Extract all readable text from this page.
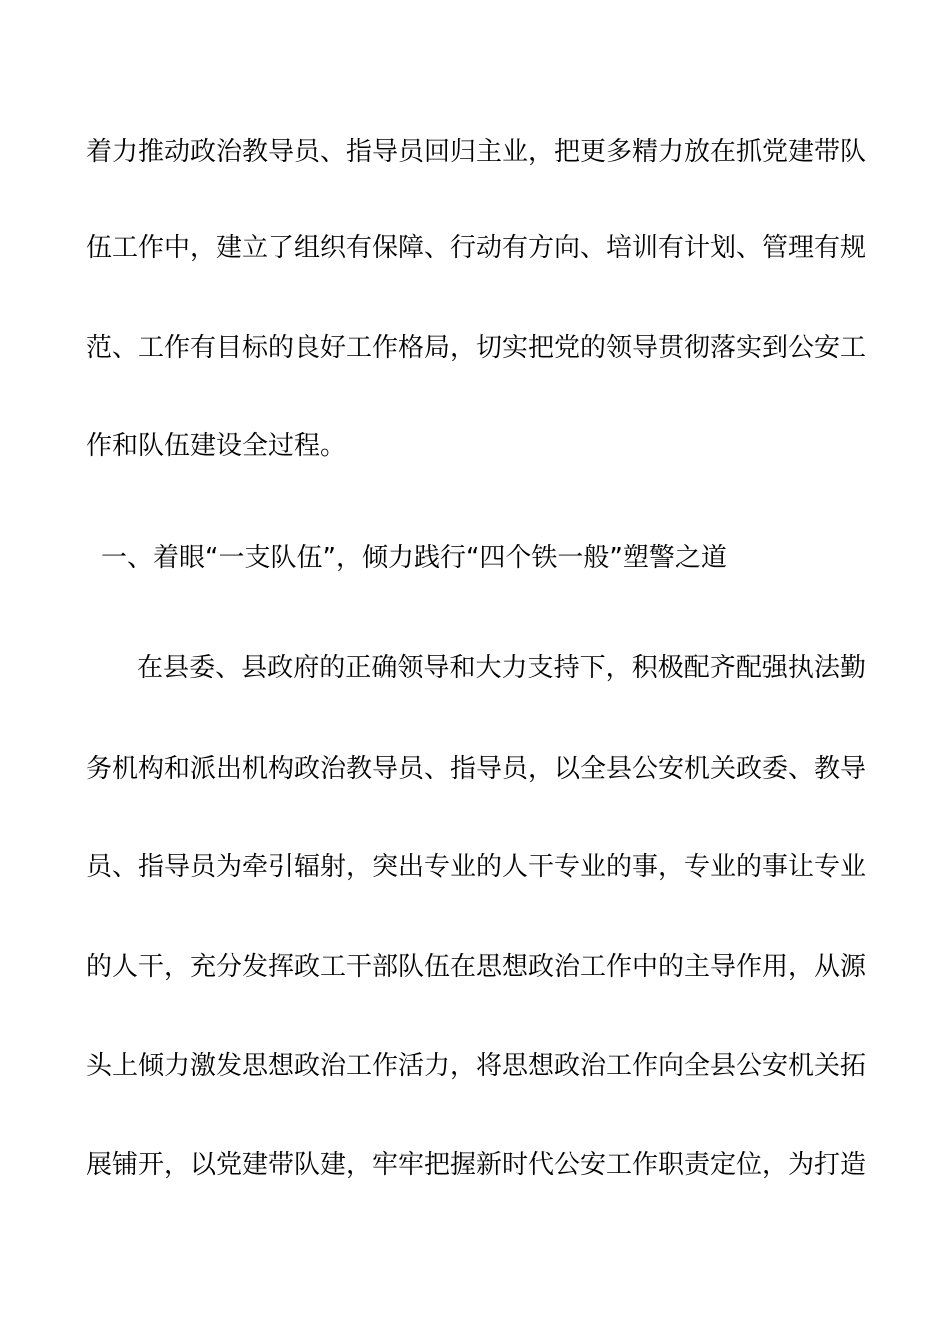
着力推动政治教导员、指导员回归主业，把更多精力放在抓党建带队
伍工作中，建立了组织有保障、行动有方向、培训有计划、管理有规
范、工作有目标的良好工作格局，切实把党的领导贯彻落实到公安工
作和队伍建设全过程。
一、着眼“一支队伍”，倾力践行“四个铁一般”塑警之道
在县委、县政府的正确领导和大力支持下，积极配齐配强执法勤
务机构和派出机构政治教导员、指导员，以全县公安机关政委、教导
员、指导员为牵引辐射，突出专业的人干专业的事，专业的事让专业
的人干，充分发挥政工干部队伍在思想政治工作中的主导作用，从源
头上倾力激发思想政治工作活力，将思想政治工作向全县公安机关拓
展铺开，以党建带队建，牢牢把握新时代公安工作职责定位，为打造
